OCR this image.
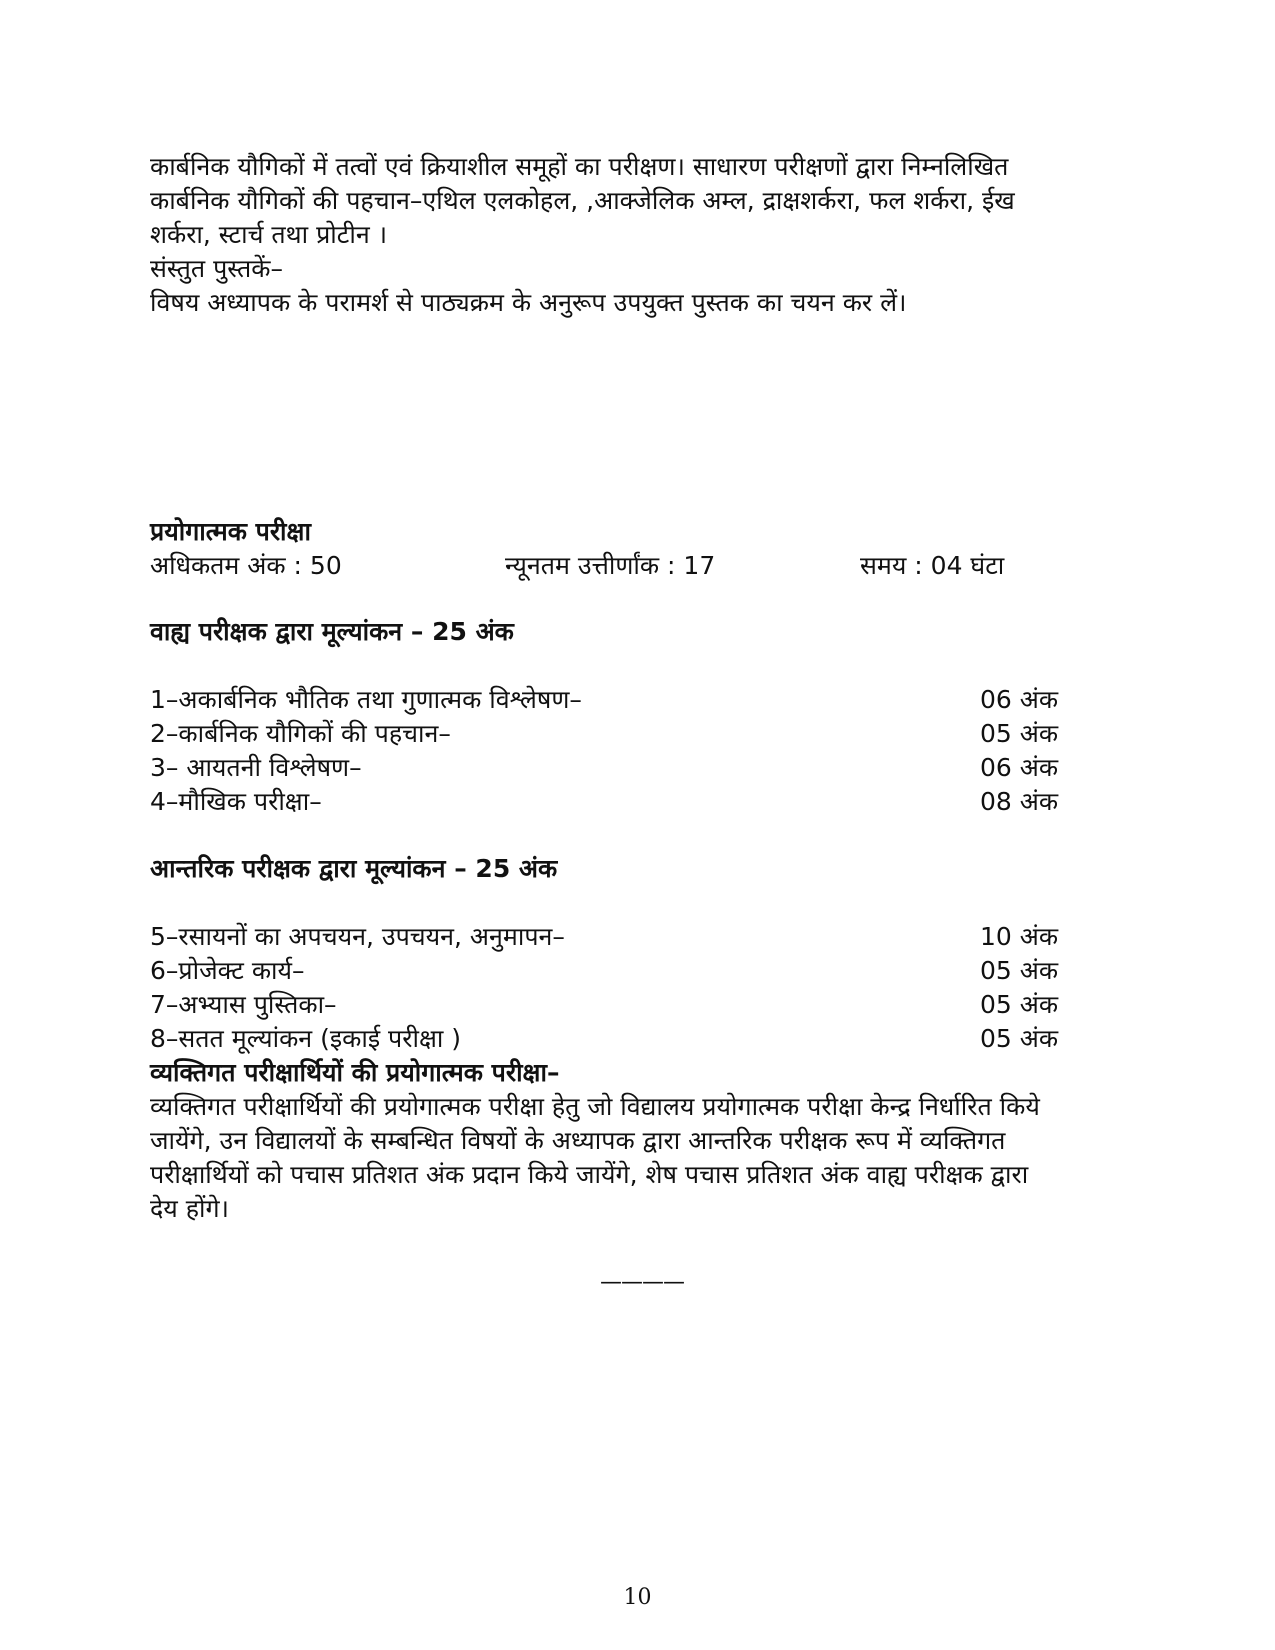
कार्बनिक यौगिकों में तत्वों एवं क्रियाशील समूहों का परीक्षण। साधारण परीक्षणों द्वारा निम्नलिखित
कार्बनिक यौगिकों की पहचान–एथिल एलकोहल, ,आक्जेलिक अम्ल, द्राक्षशर्करा, फल शर्करा, ईख
शर्करा, स्टार्च तथा प्रोटीन ।
संस्तुत पुस्तकें–
विषय अध्यापक के परामर्श से पाठ्यक्रम के अनुरूप उपयुक्त पुस्तक का चयन कर लें।
प्रयोगात्मक परीक्षा
अधिकतम अंक : 50	न्यूनतम उत्तीर्णांक : 17	समय : 04 घंटा
वाह्य परीक्षक द्वारा मूल्यांकन – 25 अंक
1–अकार्बनिक भौतिक तथा गुणात्मक विश्लेषण–	06 अंक
2–कार्बनिक यौगिकों की पहचान–	05 अंक
3– आयतनी विश्लेषण–	06 अंक
4–मौखिक परीक्षा–	08 अंक
आन्तरिक परीक्षक द्वारा मूल्यांकन – 25 अंक
5–रसायनों का अपचयन, उपचयन, अनुमापन–	10 अंक
6–प्रोजेक्ट कार्य–	05 अंक
7–अभ्यास पुस्तिका–	05 अंक
8–सतत मूल्यांकन (इकाई परीक्षा )	05 अंक
व्यक्तिगत परीक्षार्थियों की प्रयोगात्मक परीक्षा–
व्यक्तिगत परीक्षार्थियों की प्रयोगात्मक परीक्षा हेतु जो विद्यालय प्रयोगात्मक परीक्षा केन्द्र निर्धारित किये
जायेंगे, उन विद्यालयों के सम्बन्धित विषयों के अध्यापक द्वारा आन्तरिक परीक्षक रूप में व्यक्तिगत
परीक्षार्थियों को पचास प्रतिशत अंक प्रदान किये जायेंगे, शेष पचास प्रतिशत अंक वाह्य परीक्षक द्वारा
देय होंगे।
————
10
